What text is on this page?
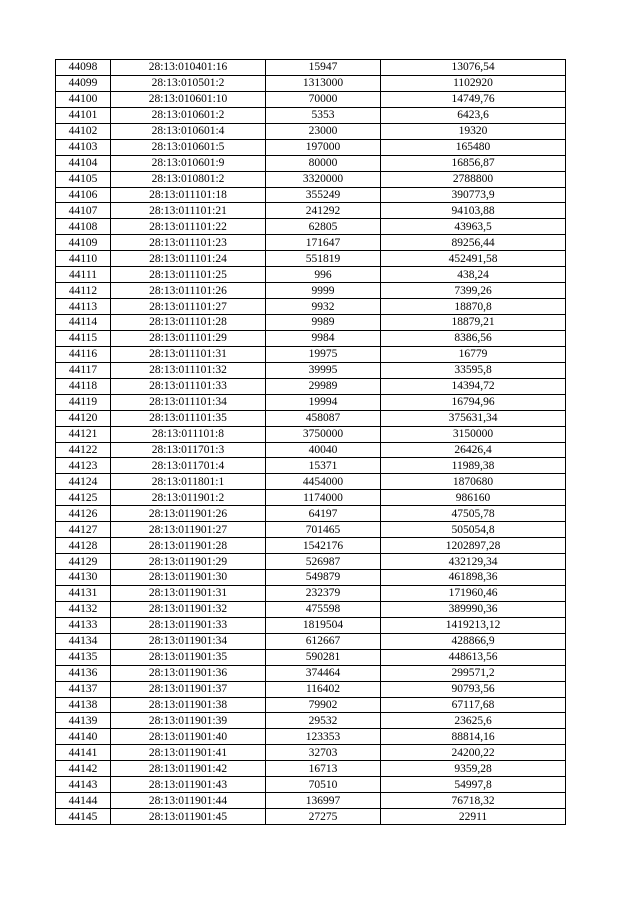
44098	28:13:010401:16	15947	13076,54
44099	28:13:010501:2	1313000	1102920
44100	28:13:010601:10	70000	14749,76
44101	28:13:010601:2	5353	6423,6
44102	28:13:010601:4	23000	19320
44103	28:13:010601:5	197000	165480
44104	28:13:010601:9	80000	16856,87
44105	28:13:010801:2	3320000	2788800
44106	28:13:011101:18	355249	390773,9
44107	28:13:011101:21	241292	94103,88
44108	28:13:011101:22	62805	43963,5
44109	28:13:011101:23	171647	89256,44
44110	28:13:011101:24	551819	452491,58
44111	28:13:011101:25	996	438,24
44112	28:13:011101:26	9999	7399,26
44113	28:13:011101:27	9932	18870,8
44114	28:13:011101:28	9989	18879,21
44115	28:13:011101:29	9984	8386,56
44116	28:13:011101:31	19975	16779
44117	28:13:011101:32	39995	33595,8
44118	28:13:011101:33	29989	14394,72
44119	28:13:011101:34	19994	16794,96
44120	28:13:011101:35	458087	375631,34
44121	28:13:011101:8	3750000	3150000
44122	28:13:011701:3	40040	26426,4
44123	28:13:011701:4	15371	11989,38
44124	28:13:011801:1	4454000	1870680
44125	28:13:011901:2	1174000	986160
44126	28:13:011901:26	64197	47505,78
44127	28:13:011901:27	701465	505054,8
44128	28:13:011901:28	1542176	1202897,28
44129	28:13:011901:29	526987	432129,34
44130	28:13:011901:30	549879	461898,36
44131	28:13:011901:31	232379	171960,46
44132	28:13:011901:32	475598	389990,36
44133	28:13:011901:33	1819504	1419213,12
44134	28:13:011901:34	612667	428866,9
44135	28:13:011901:35	590281	448613,56
44136	28:13:011901:36	374464	299571,2
44137	28:13:011901:37	116402	90793,56
44138	28:13:011901:38	79902	67117,68
44139	28:13:011901:39	29532	23625,6
44140	28:13:011901:40	123353	88814,16
44141	28:13:011901:41	32703	24200,22
44142	28:13:011901:42	16713	9359,28
44143	28:13:011901:43	70510	54997,8
44144	28:13:011901:44	136997	76718,32
44145	28:13:011901:45	27275	22911
